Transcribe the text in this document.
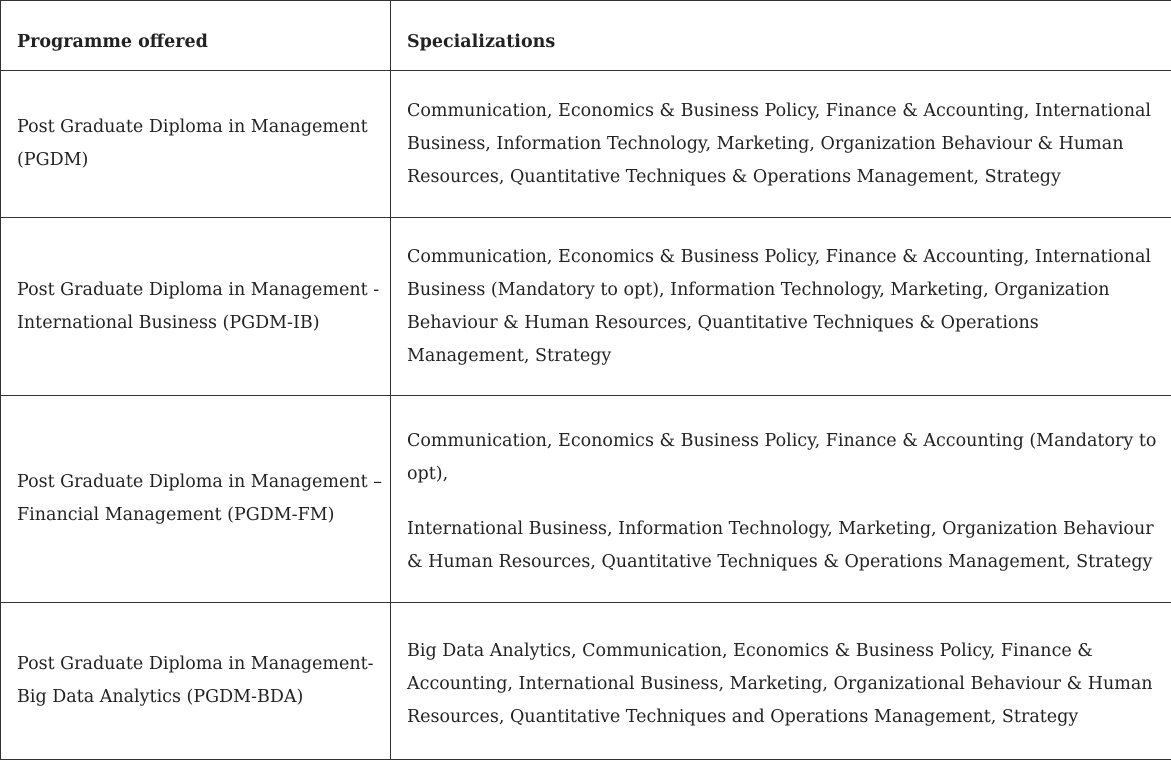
Programme offered	Specializations
Post Graduate Diploma in Management (PGDM)	Communication, Economics & Business Policy, Finance & Accounting, International Business, Information Technology, Marketing, Organization Behaviour & Human Resources, Quantitative Techniques & Operations Management, Strategy

Post Graduate Diploma in Management - International Business (PGDM-IB)	Communication, Economics & Business Policy, Finance & Accounting, International Business (Mandatory to opt), Information Technology, Marketing, Organization Behaviour & Human Resources, Quantitative Techniques & Operations Management, Strategy

Post Graduate Diploma in Management – Financial Management (PGDM-FM)	Communication, Economics & Business Policy, Finance & Accounting (Mandatory to opt),

International Business, Information Technology, Marketing, Organization Behaviour & Human Resources, Quantitative Techniques & Operations Management, Strategy

Post Graduate Diploma in Management- Big Data Analytics (PGDM-BDA)	Big Data Analytics, Communication, Economics & Business Policy, Finance & Accounting, International Business, Marketing, Organizational Behaviour & Human Resources, Quantitative Techniques and Operations Management, Strategy
